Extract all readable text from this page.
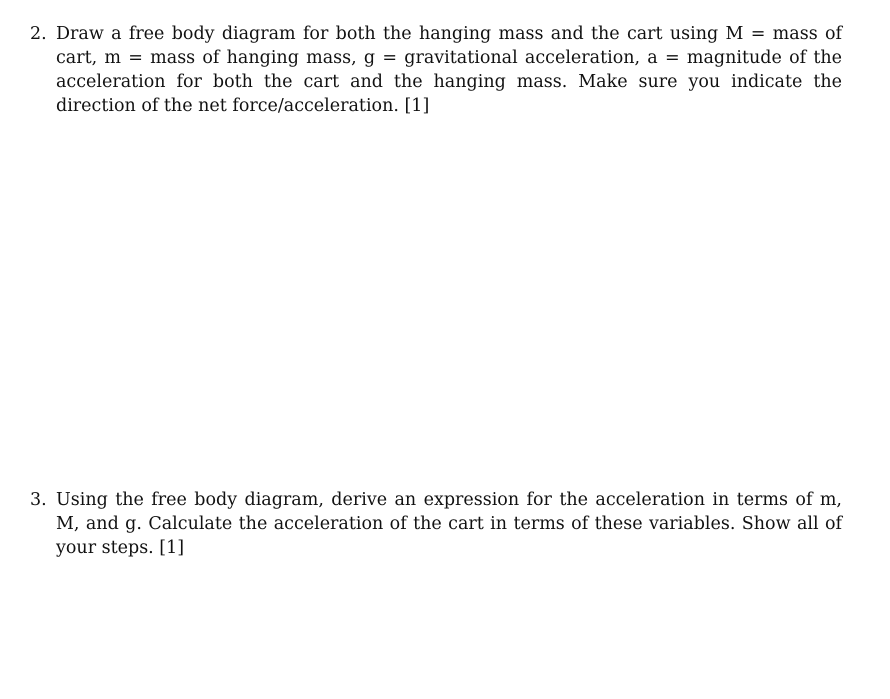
2. Draw a free body diagram for both the hanging mass and the cart using M = mass of cart, m = mass of hanging mass, g = gravitational acceleration, a = magnitude of the acceleration for both the cart and the hanging mass. Make sure you indicate the direction of the net force/acceleration. [1]
3. Using the free body diagram, derive an expression for the acceleration in terms of m, M, and g. Calculate the acceleration of the cart in terms of these variables. Show all of your steps. [1]
